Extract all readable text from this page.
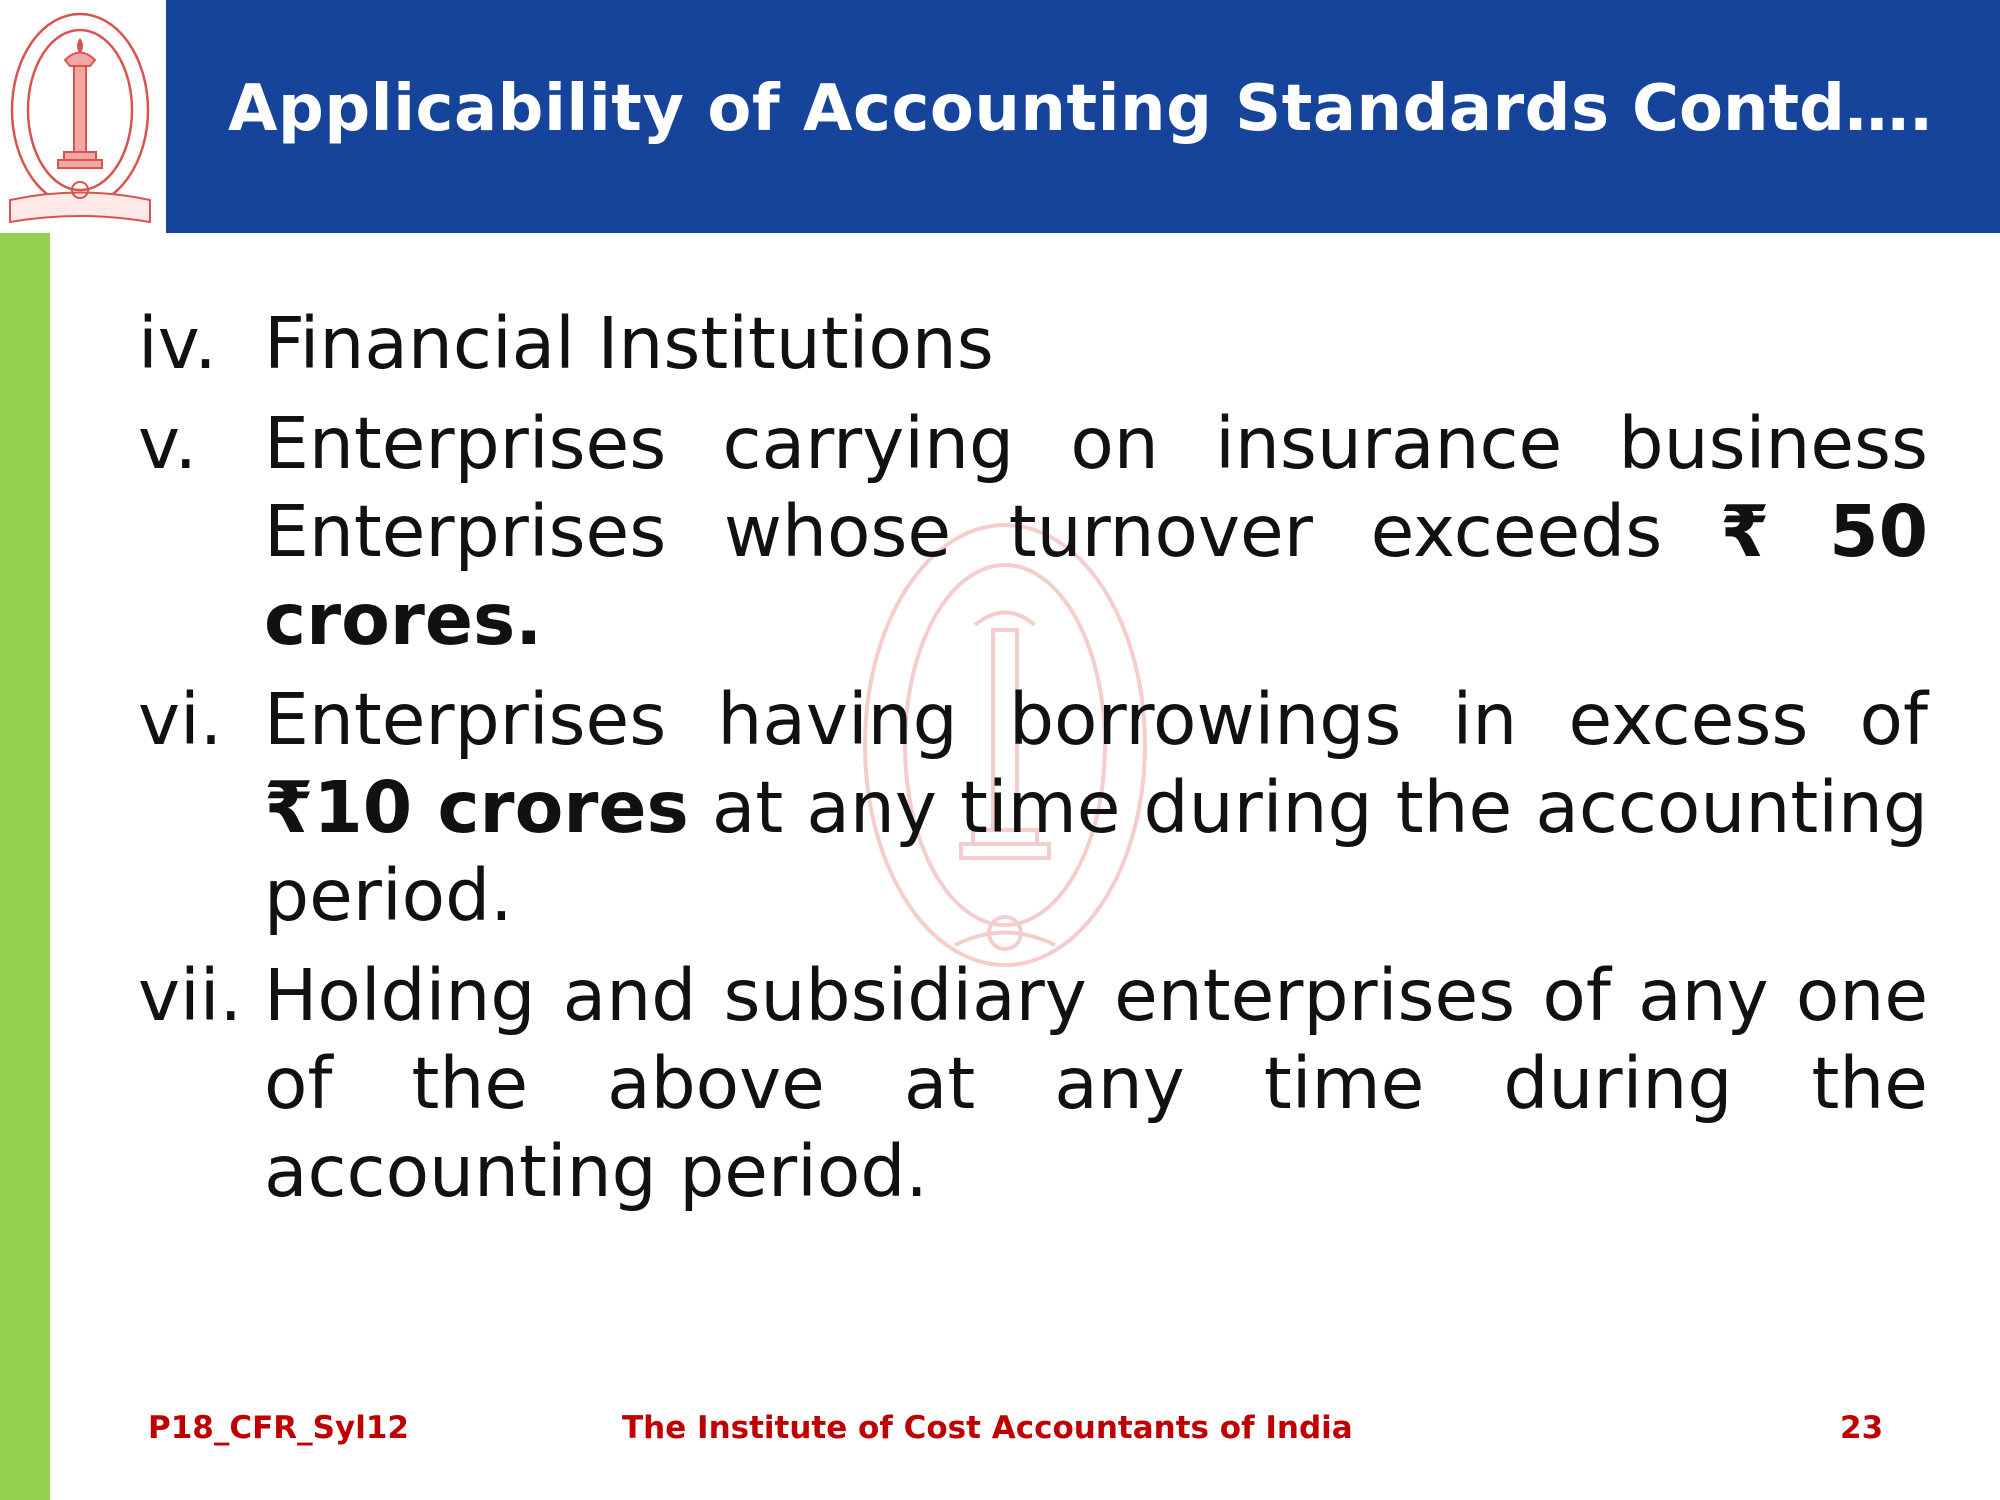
Applicability of Accounting Standards Contd….
iv. Financial Institutions
v. Enterprises carrying on insurance business Enterprises whose turnover exceeds ₹ 50 crores.
vi. Enterprises having borrowings in excess of ₹10 crores at any time during the accounting period.
vii. Holding and subsidiary enterprises of any one of the above at any time during the accounting period.
P18_CFR_Syl12	The Institute of Cost Accountants of India	23
